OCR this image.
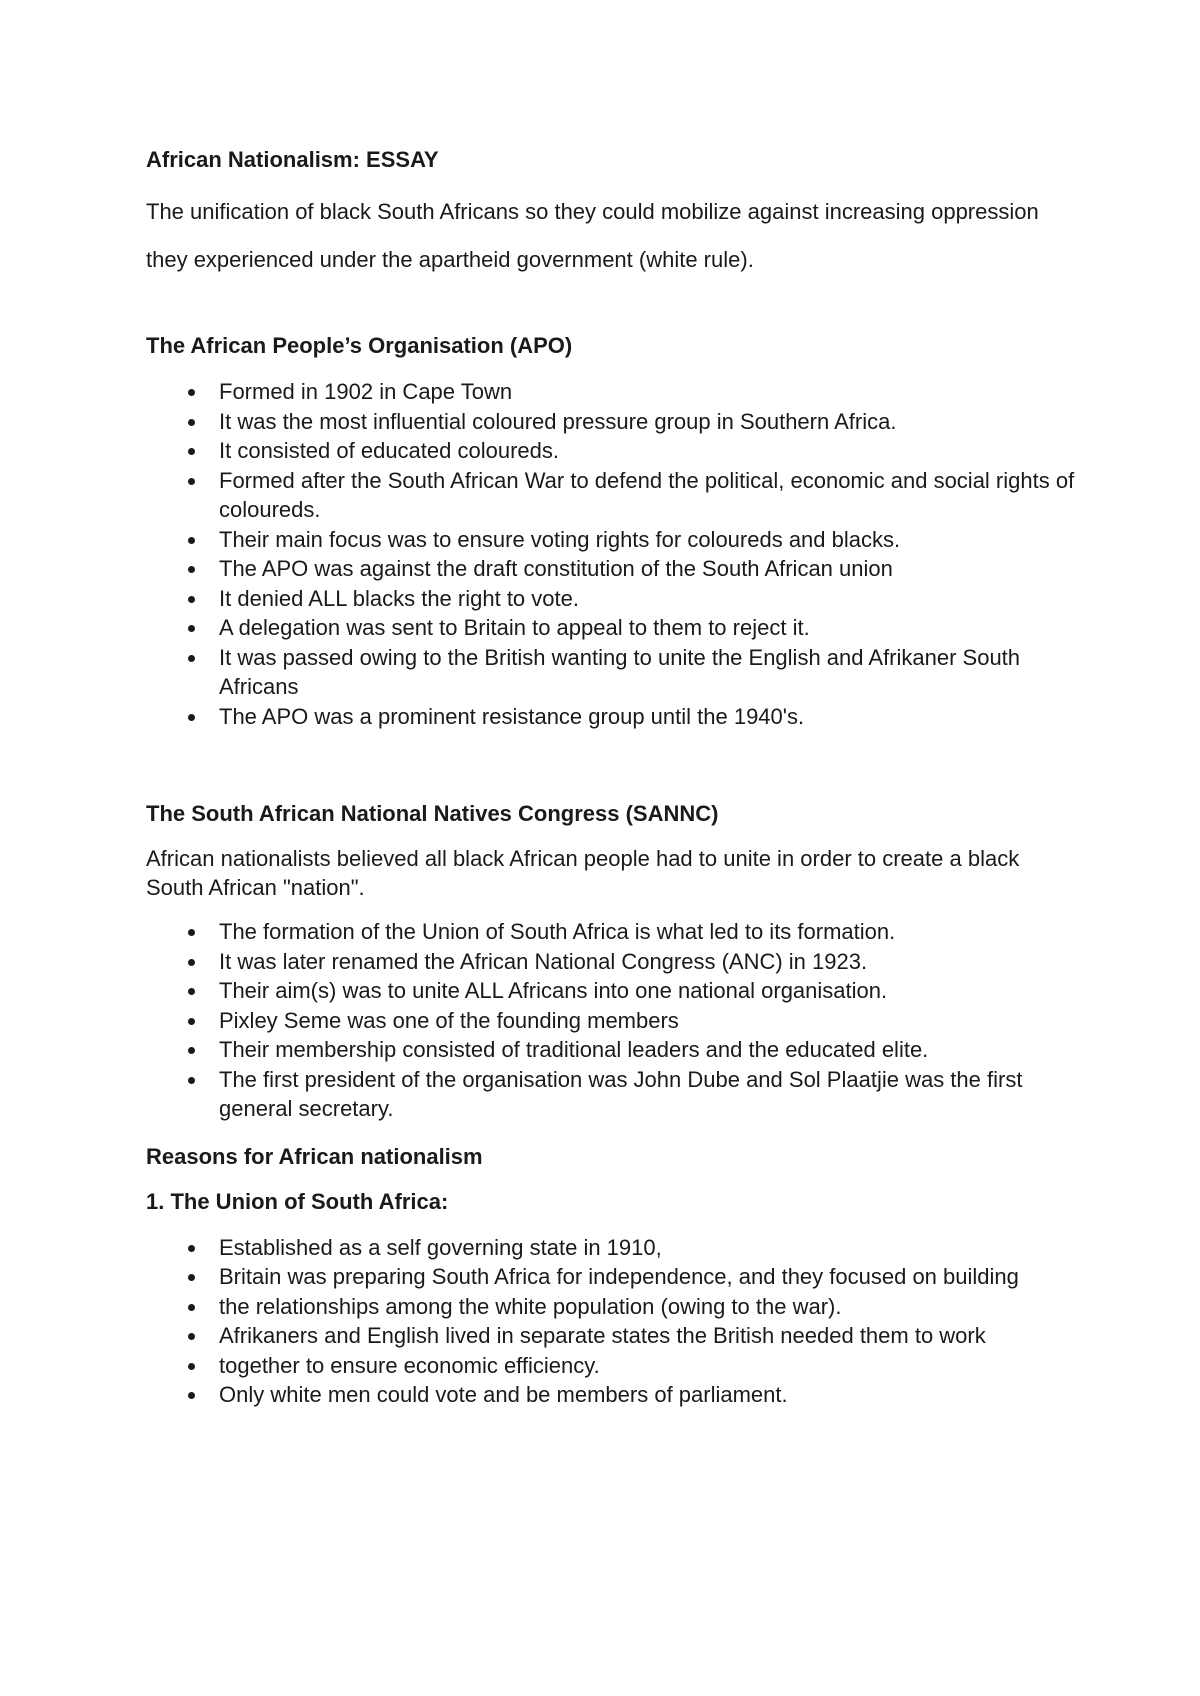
African Nationalism: ESSAY

The unification of black South Africans so they could mobilize against increasing oppression they experienced under the apartheid government (white rule).

The African People’s Organisation (APO)

Formed in 1902 in Cape Town
It was the most influential coloured pressure group in Southern Africa.
It consisted of educated coloureds.
Formed after the South African War to defend the political, economic and social rights of coloureds.
Their main focus was to ensure voting rights for coloureds and blacks.
The APO was against the draft constitution of the South African union
It denied ALL blacks the right to vote.
A delegation was sent to Britain to appeal to them to reject it.
It was passed owing to the British wanting to unite the English and Afrikaner South Africans
The APO was a prominent resistance group until the 1940's.

The South African National Natives Congress (SANNC)

African nationalists believed all black African people had to unite in order to create a black South African "nation".

The formation of the Union of South Africa is what led to its formation.
It was later renamed the African National Congress (ANC) in 1923.
Their aim(s) was to unite ALL Africans into one national organisation.
Pixley Seme was one of the founding members
Their membership consisted of traditional leaders and the educated elite.
The first president of the organisation was John Dube and Sol Plaatjie was the first general secretary.

Reasons for African nationalism

1. The Union of South Africa:

Established as a self governing state in 1910,
Britain was preparing South Africa for independence, and they focused on building
the relationships among the white population (owing to the war).
Afrikaners and English lived in separate states the British needed them to work
together to ensure economic efficiency.
Only white men could vote and be members of parliament.
